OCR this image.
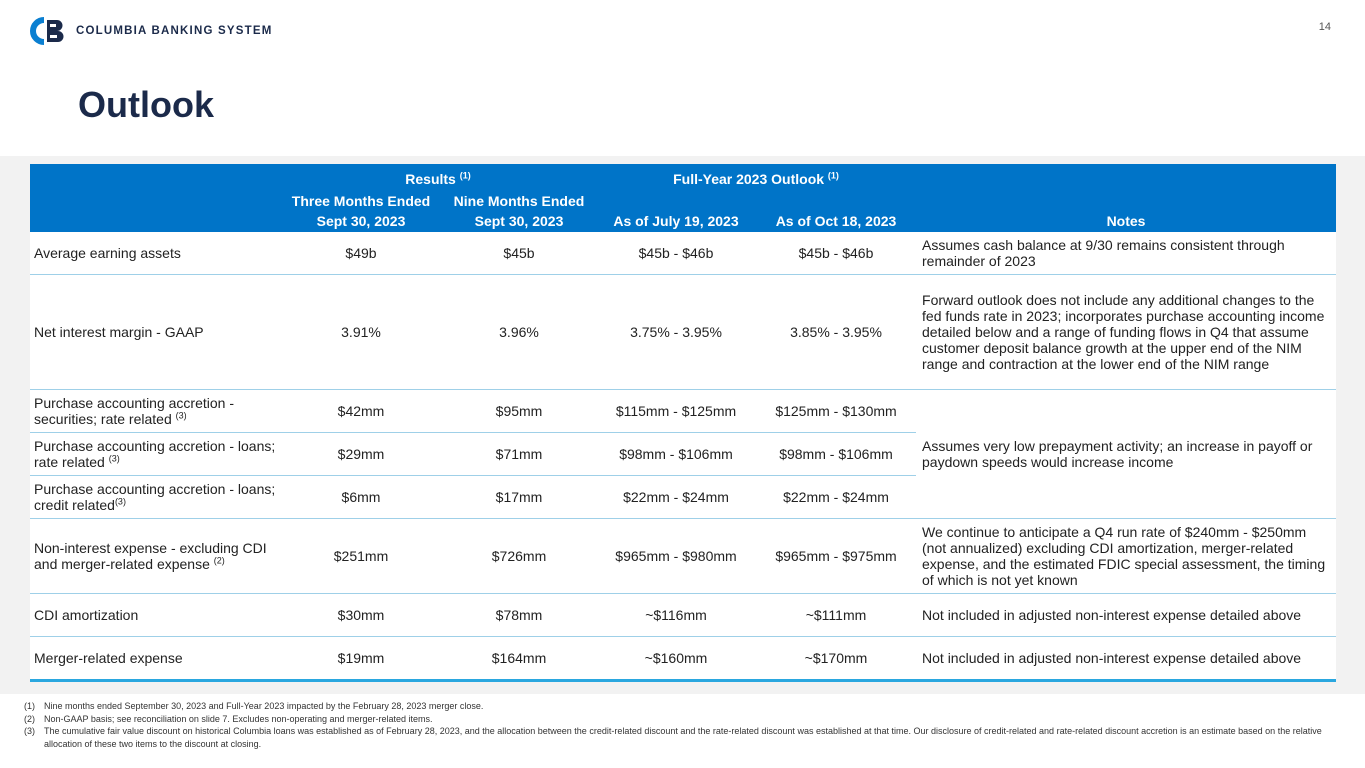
COLUMBIA BANKING SYSTEM	14
Outlook
	Results $^{(1)}$		Full-Year 2023 Outlook $^{(1)}$	
	Three Months Ended	Nine Months Ended			
	Sept 30, 2023	Sept 30, 2023	As of July 19, 2023	As of Oct 18, 2023	Notes
Average earning assets	$49b	$45b	$45b - $46b	$45b - $46b	Assumes cash balance at 9/30 remains consistent through remainder of 2023
Net interest margin - GAAP	3.91%	3.96%	3.75% - 3.95%	3.85% - 3.95%	Forward outlook does not include any additional changes to the fed funds rate in 2023; incorporates purchase accounting income detailed below and a range of funding flows in Q4 that assume customer deposit balance growth at the upper end of the NIM range and contraction at the lower end of the NIM range
Purchase accounting accretion - securities; rate related $^{(3)}$	$42mm	$95mm	$115mm - $125mm	$125mm - $130mm	Assumes very low prepayment activity; an increase in payoff or paydown speeds would increase income
Purchase accounting accretion - loans; rate related $^{(3)}$	$29mm	$71mm	$98mm - $106mm	$98mm - $106mm	
Purchase accounting accretion - loans; credit related$^{(3)}$	$6mm	$17mm	$22mm - $24mm	$22mm - $24mm	
Non-interest expense - excluding CDI and merger-related expense $^{(2)}$	$251mm	$726mm	$965mm - $980mm	$965mm - $975mm	We continue to anticipate a Q4 run rate of $240mm - $250mm (not annualized) excluding CDI amortization, merger-related expense, and the estimated FDIC special assessment, the timing of which is not yet known
CDI amortization	$30mm	$78mm	~$116mm	~$111mm	Not included in adjusted non-interest expense detailed above
Merger-related expense	$19mm	$164mm	~$160mm	~$170mm	Not included in adjusted non-interest expense detailed above
(1)	Nine months ended September 30, 2023 and Full-Year 2023 impacted by the February 28, 2023 merger close.
(2)	Non-GAAP basis; see reconciliation on slide 7. Excludes non-operating and merger-related items.
(3)	The cumulative fair value discount on historical Columbia loans was established as of February 28, 2023, and the allocation between the credit-related discount and the rate-related discount was established at that time. Our disclosure of credit-related and rate-related discount accretion is an estimate based on the relative allocation of these two items to the discount at closing.
